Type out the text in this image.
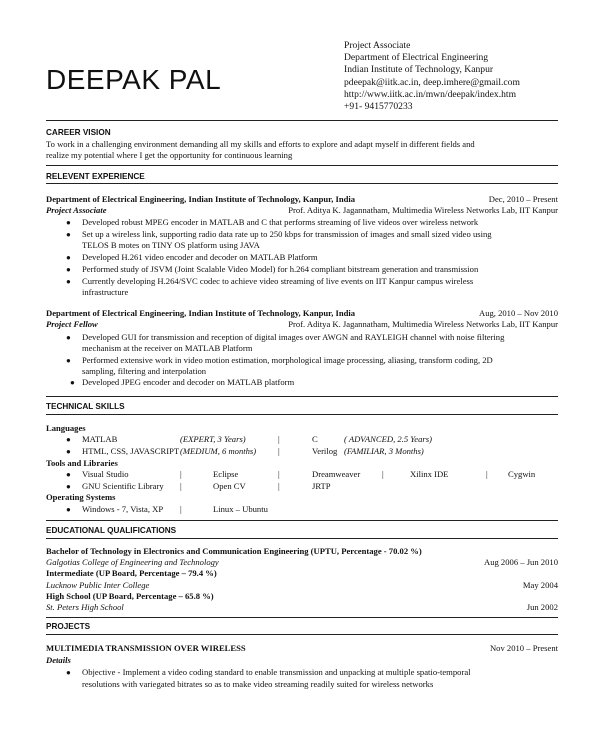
DEEPAK PAL
Project Associate
Department of Electrical Engineering
Indian Institute of Technology, Kanpur
pdeepak@iitk.ac.in, deep.imhere@gmail.com
http://www.iitk.ac.in/mwn/deepak/index.htm
+91- 9415770233
CAREER VISION
To work in a challenging environment demanding all my skills and efforts to explore and adapt myself in different fields and
realize my potential where I get the opportunity for continuous learning
RELEVENT EXPERIENCE
Department of Electrical Engineering, Indian Institute of Technology, Kanpur, India	Dec, 2010 – Present
Project Associate	Prof. Aditya K. Jagannatham, Multimedia Wireless Networks Lab, IIT Kanpur
● Developed robust MPEG encoder in MATLAB and C that performs streaming of live videos over wireless network
● Set up a wireless link, supporting radio data rate up to 250 kbps for transmission of images and small sized video using
TELOS B motes on TINY OS platform using JAVA
● Developed H.261 video encoder and decoder on MATLAB Platform
● Performed study of JSVM (Joint Scalable Video Model) for h.264 compliant bitstream generation and transmission
● Currently developing H.264/SVC codec to achieve video streaming of live events on IIT Kanpur campus wireless
infrastructure
Department of Electrical Engineering, Indian Institute of Technology, Kanpur, India	Aug, 2010 – Nov 2010
Project Fellow	Prof. Aditya K. Jagannatham, Multimedia Wireless Networks Lab, IIT Kanpur
● Developed GUI for transmission and reception of digital images over AWGN and RAYLEIGH channel with noise filtering
mechanism at the receiver on MATLAB Platform
● Performed extensive work in video motion estimation, morphological image processing, aliasing, transform coding, 2D
sampling, filtering and interpolation
● Developed JPEG encoder and decoder on MATLAB platform
TECHNICAL SKILLS
Languages
● MATLAB	(EXPERT, 3 Years)	|	C	( ADVANCED, 2.5 Years)
● HTML, CSS, JAVASCRIPT (MEDIUM, 6 months)	|	Verilog (FAMILIAR, 3 Months)
Tools and Libraries
● Visual Studio	|	Eclipse	|	Dreamweaver	|	Xilinx IDE	| Cygwin
● GNU Scientific Library |	Open CV	|	JRTP
Operating Systems
● Windows - 7, Vista, XP |	Linux – Ubuntu
EDUCATIONAL QUALIFICATIONS
Bachelor of Technology in Electronics and Communication Engineering (UPTU, Percentage - 70.02 %)
Galgotias College of Engineering and Technology	Aug 2006 – Jun 2010
Intermediate (UP Board, Percentage – 79.4 %)
Lucknow Public Inter College	May 2004
High School (UP Board, Percentage – 65.8 %)
St. Peters High School	Jun 2002
PROJECTS
MULTIMEDIA TRANSMISSION OVER WIRELESS	Nov 2010 – Present
Details
● Objective - Implement a video coding standard to enable transmission and unpacking at multiple spatio-temporal
resolutions with variegated bitrates so as to make video streaming readily suited for wireless networks
